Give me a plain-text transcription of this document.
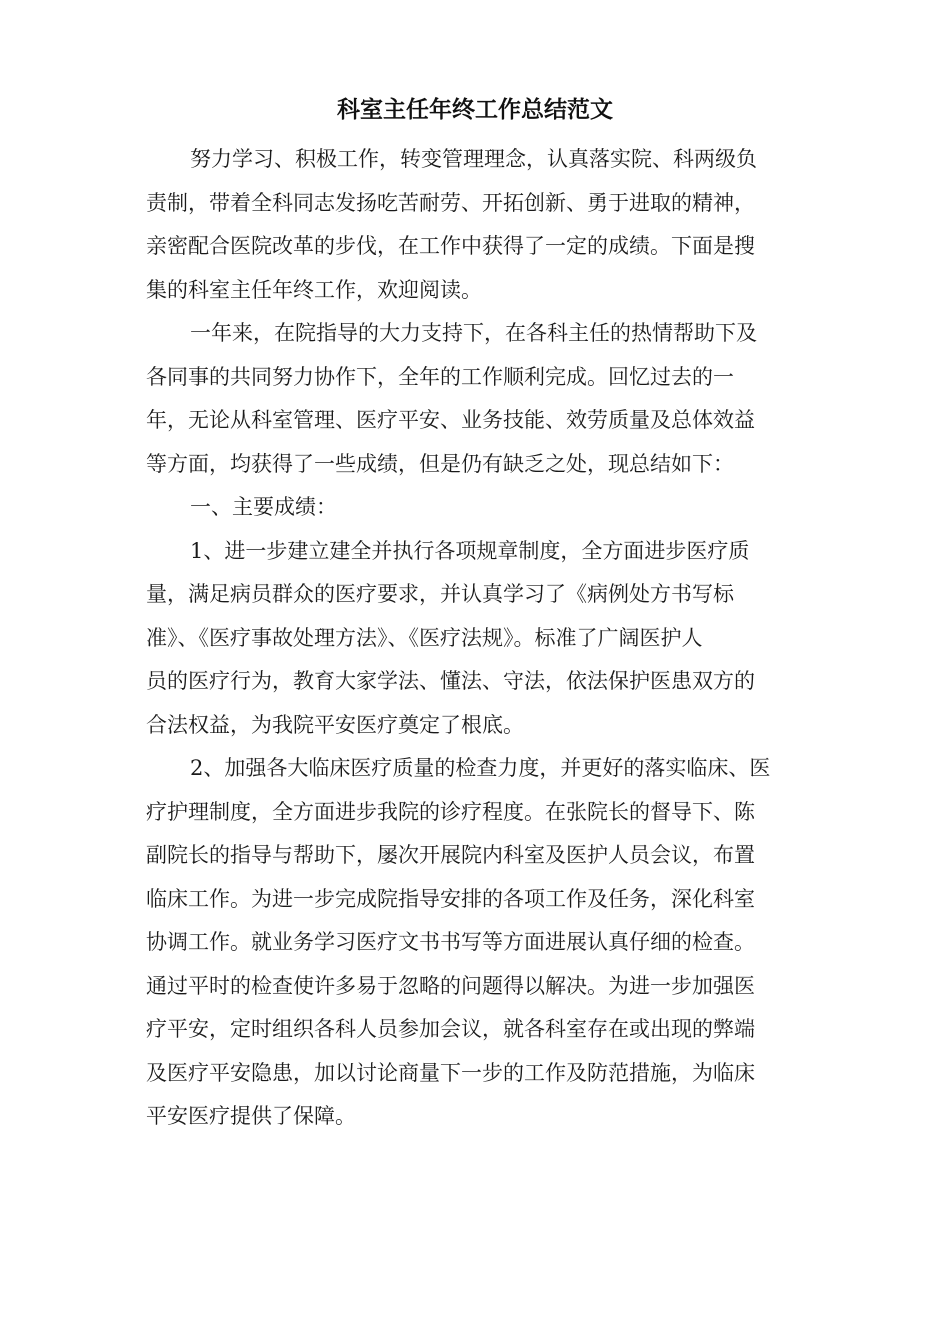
科室主任年终工作总结范文
努力学习、积极工作，转变管理理念，认真落实院、科两级负
责制，带着全科同志发扬吃苦耐劳、开拓创新、勇于进取的精神，
亲密配合医院改革的步伐，在工作中获得了一定的成绩。下面是搜
集的科室主任年终工作，欢迎阅读。
一年来，在院指导的大力支持下，在各科主任的热情帮助下及
各同事的共同努力协作下，全年的工作顺利完成。回忆过去的一
年，无论从科室管理、医疗平安、业务技能、效劳质量及总体效益
等方面，均获得了一些成绩，但是仍有缺乏之处，现总结如下：
一、主要成绩：
1、进一步建立建全并执行各项规章制度，全方面进步医疗质
量，满足病员群众的医疗要求，并认真学习了《病例处方书写标
准》、《医疗事故处理方法》、《医疗法规》。标准了广阔医护人
员的医疗行为，教育大家学法、懂法、守法，依法保护医患双方的
合法权益，为我院平安医疗奠定了根底。
2、加强各大临床医疗质量的检查力度，并更好的落实临床、医
疗护理制度，全方面进步我院的诊疗程度。在张院长的督导下、陈
副院长的指导与帮助下，屡次开展院内科室及医护人员会议，布置
临床工作。为进一步完成院指导安排的各项工作及任务，深化科室
协调工作。就业务学习医疗文书书写等方面进展认真仔细的检查。
通过平时的检查使许多易于忽略的问题得以解决。为进一步加强医
疗平安，定时组织各科人员参加会议，就各科室存在或出现的弊端
及医疗平安隐患，加以讨论商量下一步的工作及防范措施，为临床
平安医疗提供了保障。
